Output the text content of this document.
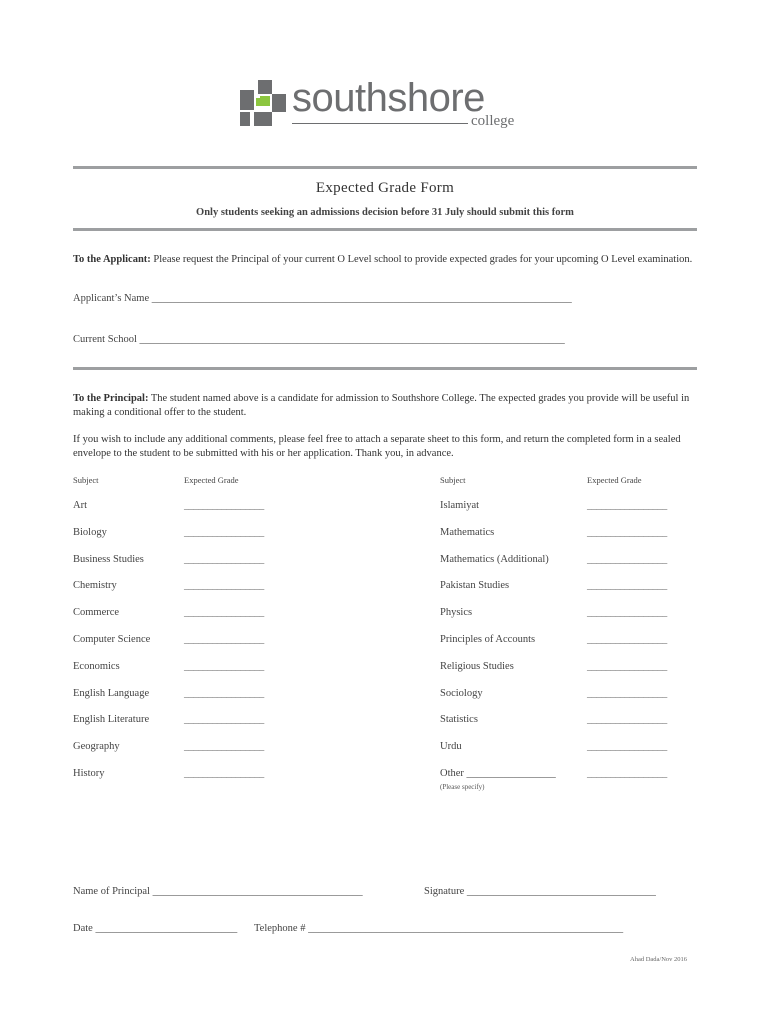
southshore
college
Expected Grade Form
Only students seeking an admissions decision before 31 July should submit this form
To the Applicant: Please request the Principal of your current O Level school to provide expected grades for your upcoming O Level examination.
Applicant’s Name ________________________________________________________________________________
Current School _________________________________________________________________________________
To the Principal: The student named above is a candidate for admission to Southshore College. The expected grades you provide will be useful in making a conditional offer to the student.
If you wish to include any additional comments, please feel free to attach a separate sheet to this form, and return the completed form in a sealed envelope to the student to be submitted with his or her application. Thank you, in advance.
Subject	Expected Grade	Subject	Expected Grade
Art	_________________	Islamiyat	_________________
Biology	_________________	Mathematics	_________________
Business Studies	_________________	Mathematics (Additional)	_________________
Chemistry	_________________	Pakistan Studies	_________________
Commerce	_________________	Physics	_________________
Computer Science	_________________	Principles of Accounts	_________________
Economics	_________________	Religious Studies	_________________
English Language	_________________	Sociology	_________________
English Literature	_________________	Statistics	_________________
Geography	_________________	Urdu	_________________
History	_________________	Other _________________	_________________
(Please specify)
Name of Principal ________________________________________	Signature ____________________________________
Date ___________________________ Telephone # ____________________________________________________________
Ahad Dada/Nov 2016
